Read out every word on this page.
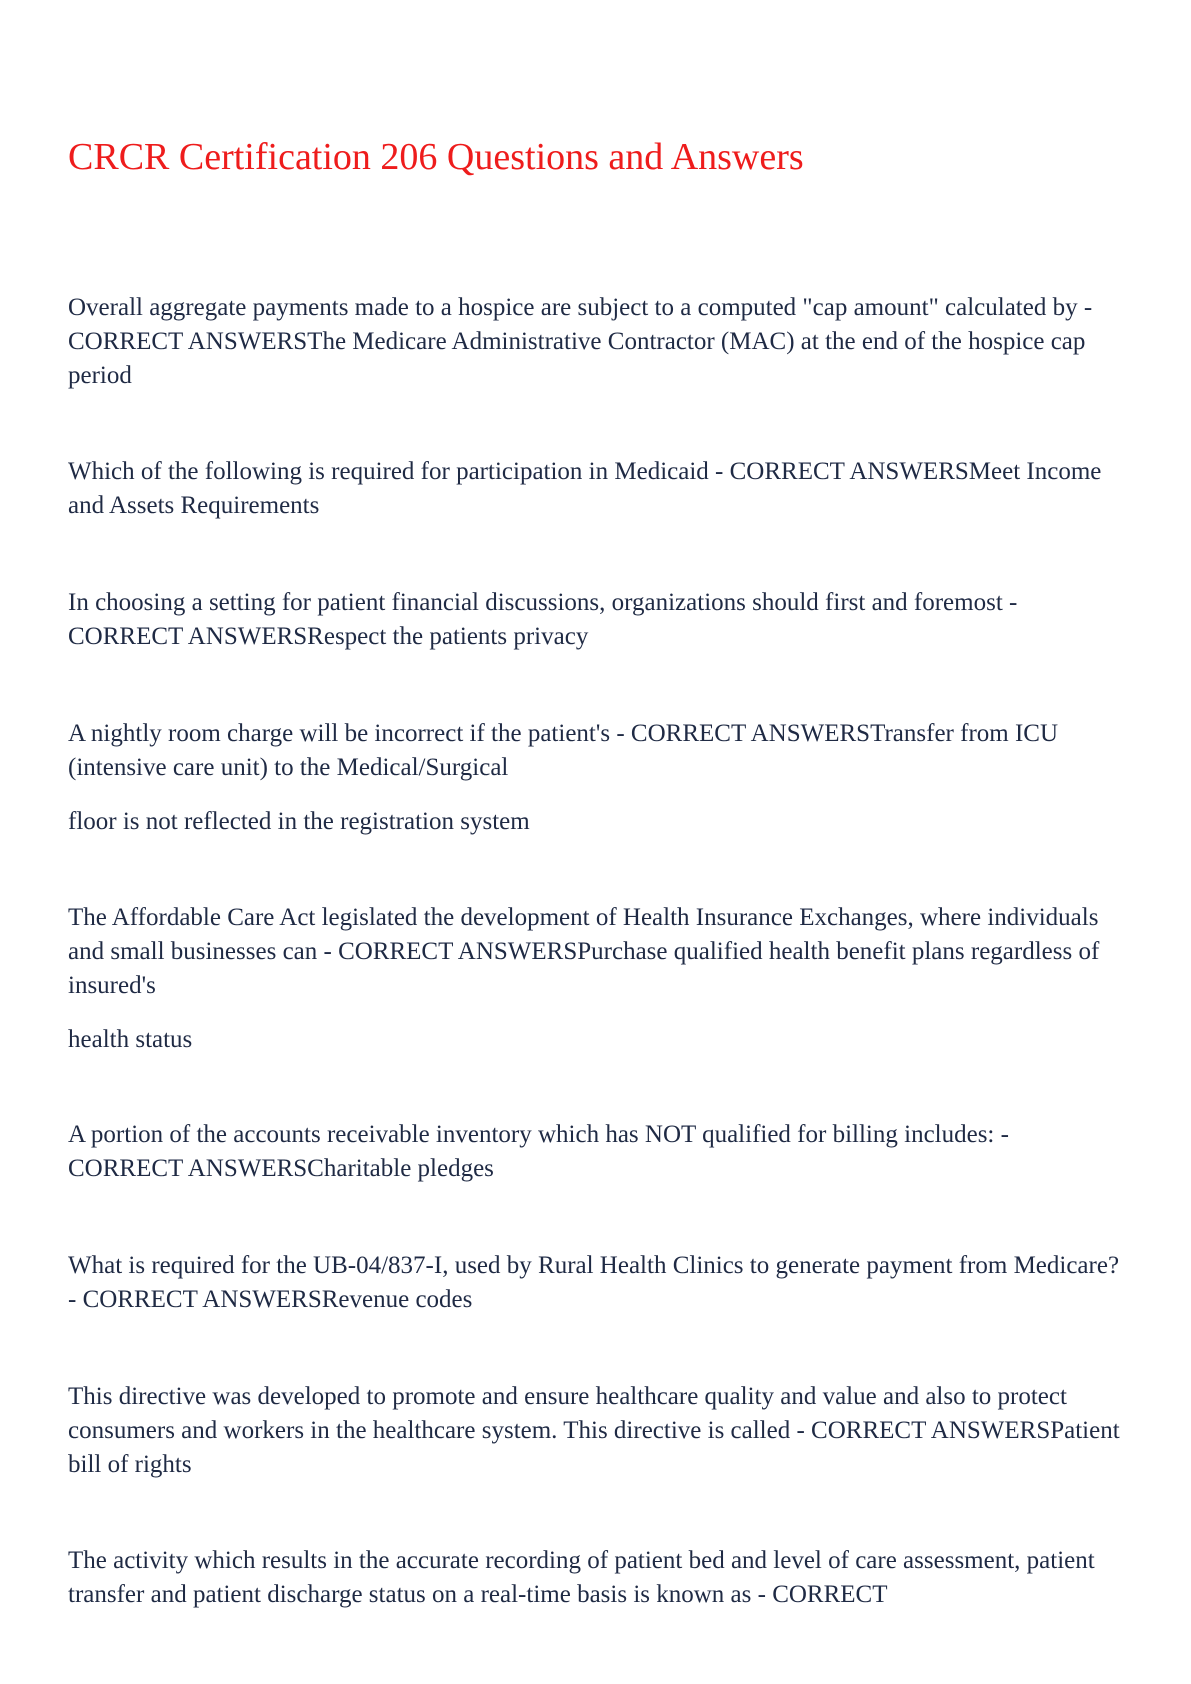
CRCR Certification 206 Questions and Answers

Overall aggregate payments made to a hospice are subject to a computed "cap amount" calculated by - CORRECT ANSWERSThe Medicare Administrative Contractor (MAC) at the end of the hospice cap period

Which of the following is required for participation in Medicaid - CORRECT ANSWERSMeet Income and Assets Requirements

In choosing a setting for patient financial discussions, organizations should first and foremost - CORRECT ANSWERSRespect the patients privacy

A nightly room charge will be incorrect if the patient's - CORRECT ANSWERSTransfer from ICU (intensive care unit) to the Medical/Surgical

floor is not reflected in the registration system

The Affordable Care Act legislated the development of Health Insurance Exchanges, where individuals and small businesses can - CORRECT ANSWERSPurchase qualified health benefit plans regardless of insured's

health status

A portion of the accounts receivable inventory which has NOT qualified for billing includes: - CORRECT ANSWERSCharitable pledges

What is required for the UB-04/837-I, used by Rural Health Clinics to generate payment from Medicare? - CORRECT ANSWERSRevenue codes

This directive was developed to promote and ensure healthcare quality and value and also to protect consumers and workers in the healthcare system. This directive is called - CORRECT ANSWERSPatient bill of rights

The activity which results in the accurate recording of patient bed and level of care assessment, patient transfer and patient discharge status on a real-time basis is known as - CORRECT
